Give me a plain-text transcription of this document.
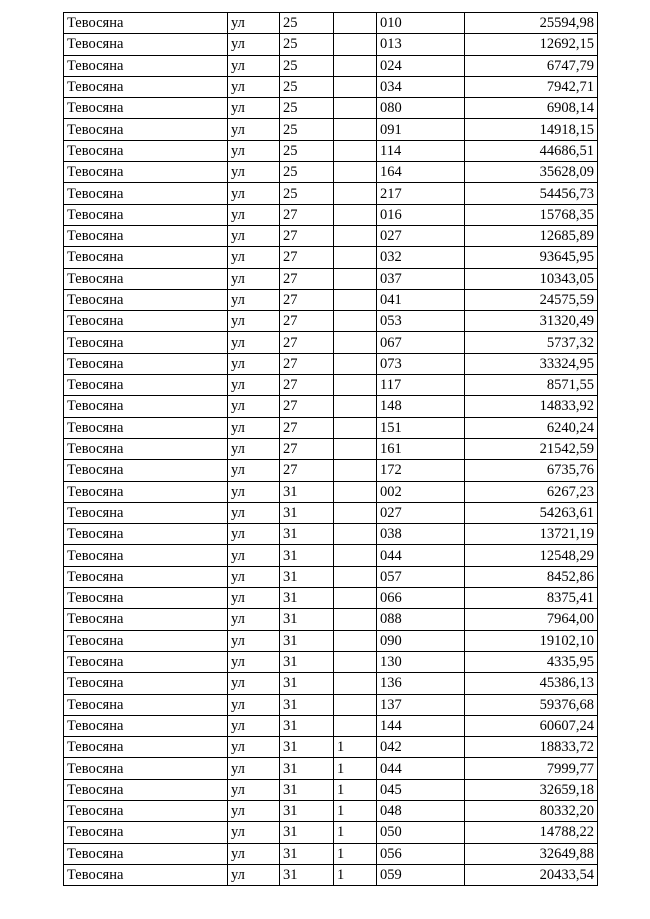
Тевосяна	ул	25		010	25594,98
Тевосяна	ул	25		013	12692,15
Тевосяна	ул	25		024	6747,79
Тевосяна	ул	25		034	7942,71
Тевосяна	ул	25		080	6908,14
Тевосяна	ул	25		091	14918,15
Тевосяна	ул	25		114	44686,51
Тевосяна	ул	25		164	35628,09
Тевосяна	ул	25		217	54456,73
Тевосяна	ул	27		016	15768,35
Тевосяна	ул	27		027	12685,89
Тевосяна	ул	27		032	93645,95
Тевосяна	ул	27		037	10343,05
Тевосяна	ул	27		041	24575,59
Тевосяна	ул	27		053	31320,49
Тевосяна	ул	27		067	5737,32
Тевосяна	ул	27		073	33324,95
Тевосяна	ул	27		117	8571,55
Тевосяна	ул	27		148	14833,92
Тевосяна	ул	27		151	6240,24
Тевосяна	ул	27		161	21542,59
Тевосяна	ул	27		172	6735,76
Тевосяна	ул	31		002	6267,23
Тевосяна	ул	31		027	54263,61
Тевосяна	ул	31		038	13721,19
Тевосяна	ул	31		044	12548,29
Тевосяна	ул	31		057	8452,86
Тевосяна	ул	31		066	8375,41
Тевосяна	ул	31		088	7964,00
Тевосяна	ул	31		090	19102,10
Тевосяна	ул	31		130	4335,95
Тевосяна	ул	31		136	45386,13
Тевосяна	ул	31		137	59376,68
Тевосяна	ул	31		144	60607,24
Тевосяна	ул	31	1	042	18833,72
Тевосяна	ул	31	1	044	7999,77
Тевосяна	ул	31	1	045	32659,18
Тевосяна	ул	31	1	048	80332,20
Тевосяна	ул	31	1	050	14788,22
Тевосяна	ул	31	1	056	32649,88
Тевосяна	ул	31	1	059	20433,54
